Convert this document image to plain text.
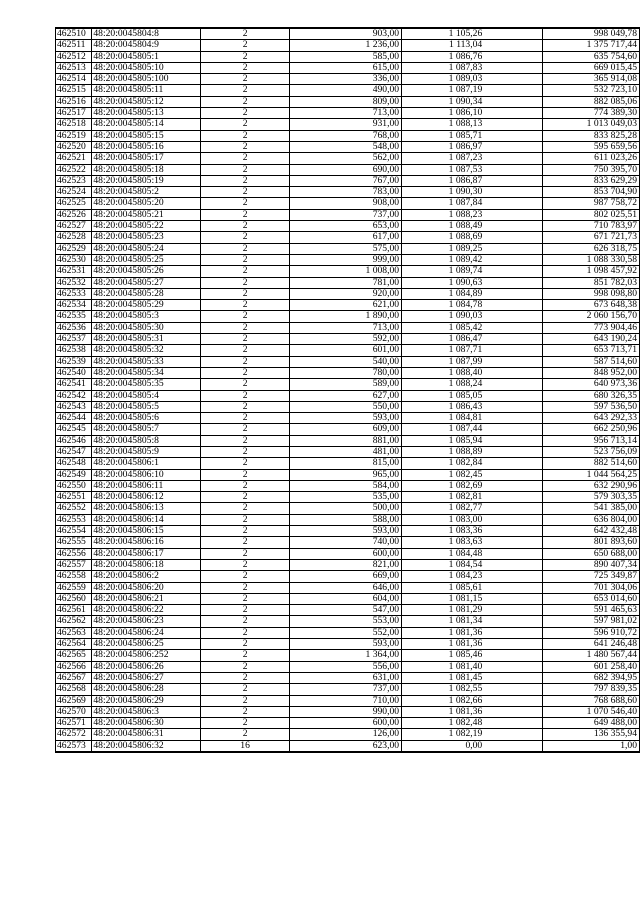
462510	48:20:0045804:8	2	903,00	1 105,26	998 049,78
462511	48:20:0045804:9	2	1 236,00	1 113,04	1 375 717,44
462512	48:20:0045805:1	2	585,00	1 086,76	635 754,60
462513	48:20:0045805:10	2	615,00	1 087,83	669 015,45
462514	48:20:0045805:100	2	336,00	1 089,03	365 914,08
462515	48:20:0045805:11	2	490,00	1 087,19	532 723,10
462516	48:20:0045805:12	2	809,00	1 090,34	882 085,06
462517	48:20:0045805:13	2	713,00	1 086,10	774 389,30
462518	48:20:0045805:14	2	931,00	1 088,13	1 013 049,03
462519	48:20:0045805:15	2	768,00	1 085,71	833 825,28
462520	48:20:0045805:16	2	548,00	1 086,97	595 659,56
462521	48:20:0045805:17	2	562,00	1 087,23	611 023,26
462522	48:20:0045805:18	2	690,00	1 087,53	750 395,70
462523	48:20:0045805:19	2	767,00	1 086,87	833 629,29
462524	48:20:0045805:2	2	783,00	1 090,30	853 704,90
462525	48:20:0045805:20	2	908,00	1 087,84	987 758,72
462526	48:20:0045805:21	2	737,00	1 088,23	802 025,51
462527	48:20:0045805:22	2	653,00	1 088,49	710 783,97
462528	48:20:0045805:23	2	617,00	1 088,69	671 721,73
462529	48:20:0045805:24	2	575,00	1 089,25	626 318,75
462530	48:20:0045805:25	2	999,00	1 089,42	1 088 330,58
462531	48:20:0045805:26	2	1 008,00	1 089,74	1 098 457,92
462532	48:20:0045805:27	2	781,00	1 090,63	851 782,03
462533	48:20:0045805:28	2	920,00	1 084,89	998 098,80
462534	48:20:0045805:29	2	621,00	1 084,78	673 648,38
462535	48:20:0045805:3	2	1 890,00	1 090,03	2 060 156,70
462536	48:20:0045805:30	2	713,00	1 085,42	773 904,46
462537	48:20:0045805:31	2	592,00	1 086,47	643 190,24
462538	48:20:0045805:32	2	601,00	1 087,71	653 713,71
462539	48:20:0045805:33	2	540,00	1 087,99	587 514,60
462540	48:20:0045805:34	2	780,00	1 088,40	848 952,00
462541	48:20:0045805:35	2	589,00	1 088,24	640 973,36
462542	48:20:0045805:4	2	627,00	1 085,05	680 326,35
462543	48:20:0045805:5	2	550,00	1 086,43	597 536,50
462544	48:20:0045805:6	2	593,00	1 084,81	643 292,33
462545	48:20:0045805:7	2	609,00	1 087,44	662 250,96
462546	48:20:0045805:8	2	881,00	1 085,94	956 713,14
462547	48:20:0045805:9	2	481,00	1 088,89	523 756,09
462548	48:20:0045806:1	2	815,00	1 082,84	882 514,60
462549	48:20:0045806:10	2	965,00	1 082,45	1 044 564,25
462550	48:20:0045806:11	2	584,00	1 082,69	632 290,96
462551	48:20:0045806:12	2	535,00	1 082,81	579 303,35
462552	48:20:0045806:13	2	500,00	1 082,77	541 385,00
462553	48:20:0045806:14	2	588,00	1 083,00	636 804,00
462554	48:20:0045806:15	2	593,00	1 083,36	642 432,48
462555	48:20:0045806:16	2	740,00	1 083,63	801 893,60
462556	48:20:0045806:17	2	600,00	1 084,48	650 688,00
462557	48:20:0045806:18	2	821,00	1 084,54	890 407,34
462558	48:20:0045806:2	2	669,00	1 084,23	725 349,87
462559	48:20:0045806:20	2	646,00	1 085,61	701 304,06
462560	48:20:0045806:21	2	604,00	1 081,15	653 014,60
462561	48:20:0045806:22	2	547,00	1 081,29	591 465,63
462562	48:20:0045806:23	2	553,00	1 081,34	597 981,02
462563	48:20:0045806:24	2	552,00	1 081,36	596 910,72
462564	48:20:0045806:25	2	593,00	1 081,36	641 246,48
462565	48:20:0045806:252	2	1 364,00	1 085,46	1 480 567,44
462566	48:20:0045806:26	2	556,00	1 081,40	601 258,40
462567	48:20:0045806:27	2	631,00	1 081,45	682 394,95
462568	48:20:0045806:28	2	737,00	1 082,55	797 839,35
462569	48:20:0045806:29	2	710,00	1 082,66	768 688,60
462570	48:20:0045806:3	2	990,00	1 081,36	1 070 546,40
462571	48:20:0045806:30	2	600,00	1 082,48	649 488,00
462572	48:20:0045806:31	2	126,00	1 082,19	136 355,94
462573	48:20:0045806:32	16	623,00	0,00	1,00
